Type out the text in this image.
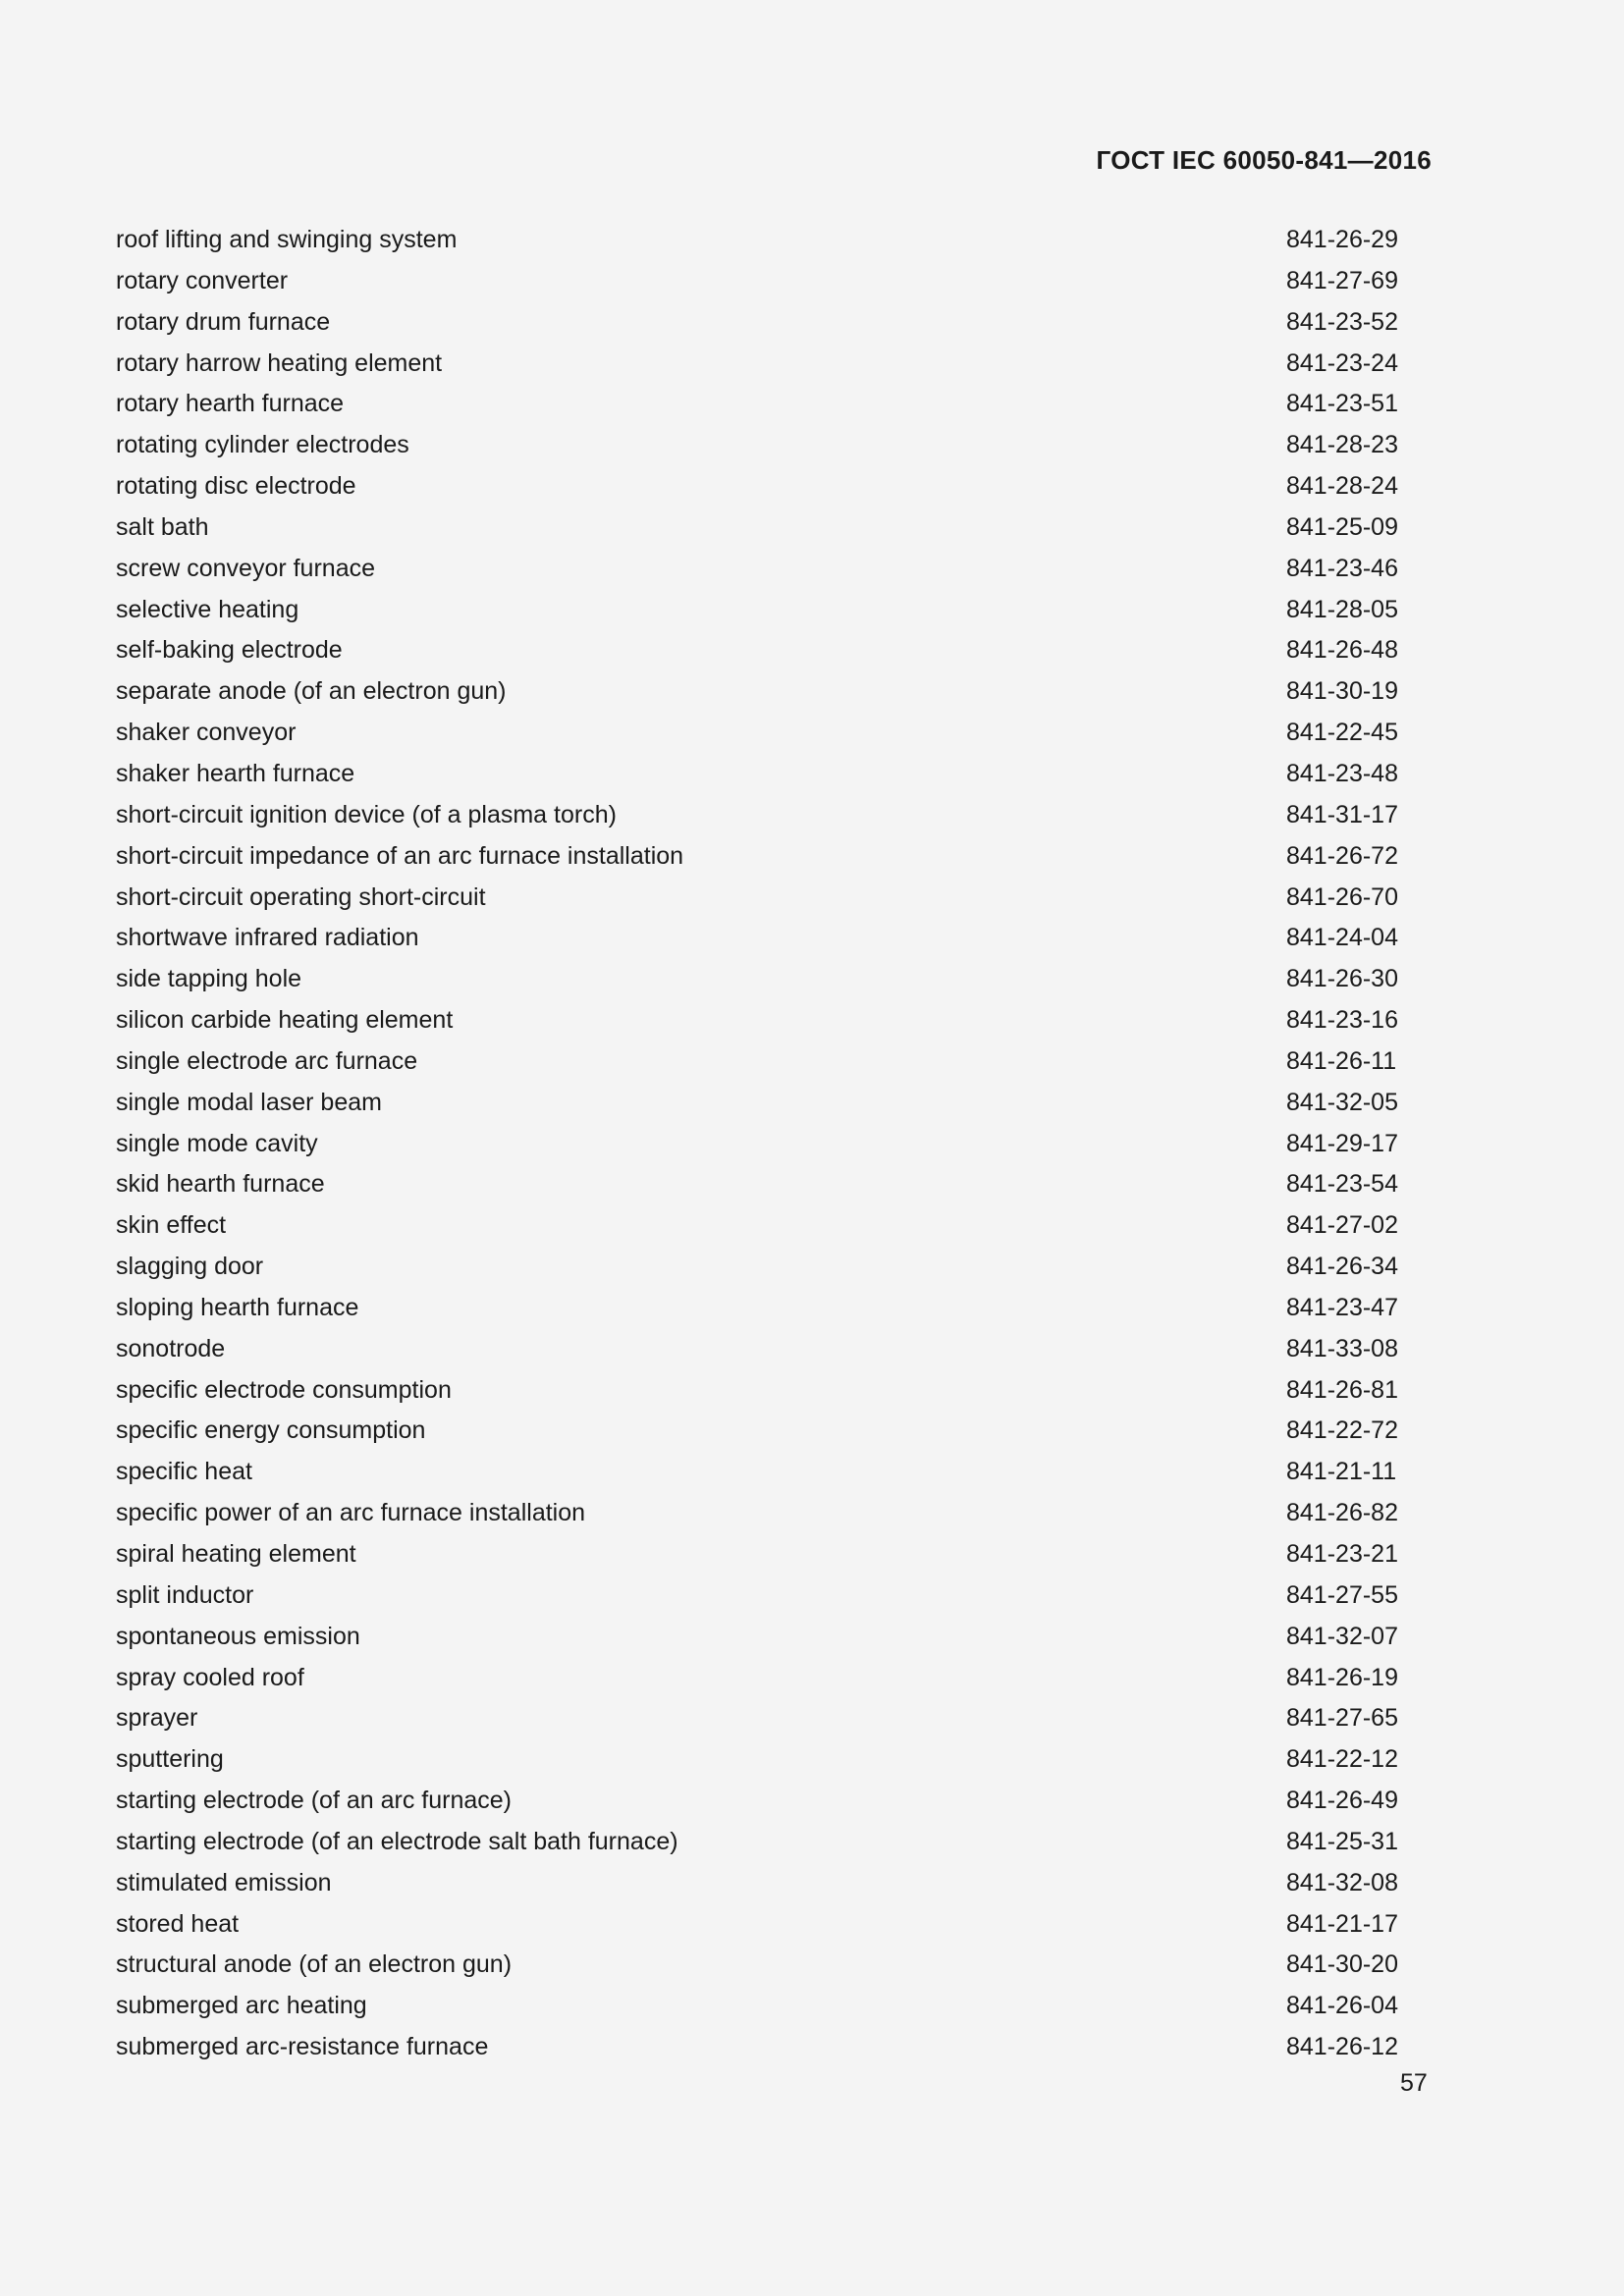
ГОСТ IEC 60050-841—2016
roof lifting and swinging system	841-26-29
rotary converter	841-27-69
rotary drum furnace	841-23-52
rotary harrow heating element	841-23-24
rotary hearth furnace	841-23-51
rotating cylinder electrodes	841-28-23
rotating disc electrode	841-28-24
salt bath	841-25-09
screw conveyor furnace	841-23-46
selective heating	841-28-05
self-baking electrode	841-26-48
separate anode (of an electron gun)	841-30-19
shaker conveyor	841-22-45
shaker hearth furnace	841-23-48
short-circuit ignition device (of a plasma torch)	841-31-17
short-circuit impedance of an arc furnace installation	841-26-72
short-circuit operating short-circuit	841-26-70
shortwave infrared radiation	841-24-04
side tapping hole	841-26-30
silicon carbide heating element	841-23-16
single electrode arc furnace	841-26-11
single modal laser beam	841-32-05
single mode cavity	841-29-17
skid hearth furnace	841-23-54
skin effect	841-27-02
slagging door	841-26-34
sloping hearth furnace	841-23-47
sonotrode	841-33-08
specific electrode consumption	841-26-81
specific energy consumption	841-22-72
specific heat	841-21-11
specific power of an arc furnace installation	841-26-82
spiral heating element	841-23-21
split inductor	841-27-55
spontaneous emission	841-32-07
spray cooled roof	841-26-19
sprayer	841-27-65
sputtering	841-22-12
starting electrode (of an arc furnace)	841-26-49
starting electrode (of an electrode salt bath furnace)	841-25-31
stimulated emission	841-32-08
stored heat	841-21-17
structural anode (of an electron gun)	841-30-20
submerged arc heating	841-26-04
submerged arc-resistance furnace	841-26-12
57
